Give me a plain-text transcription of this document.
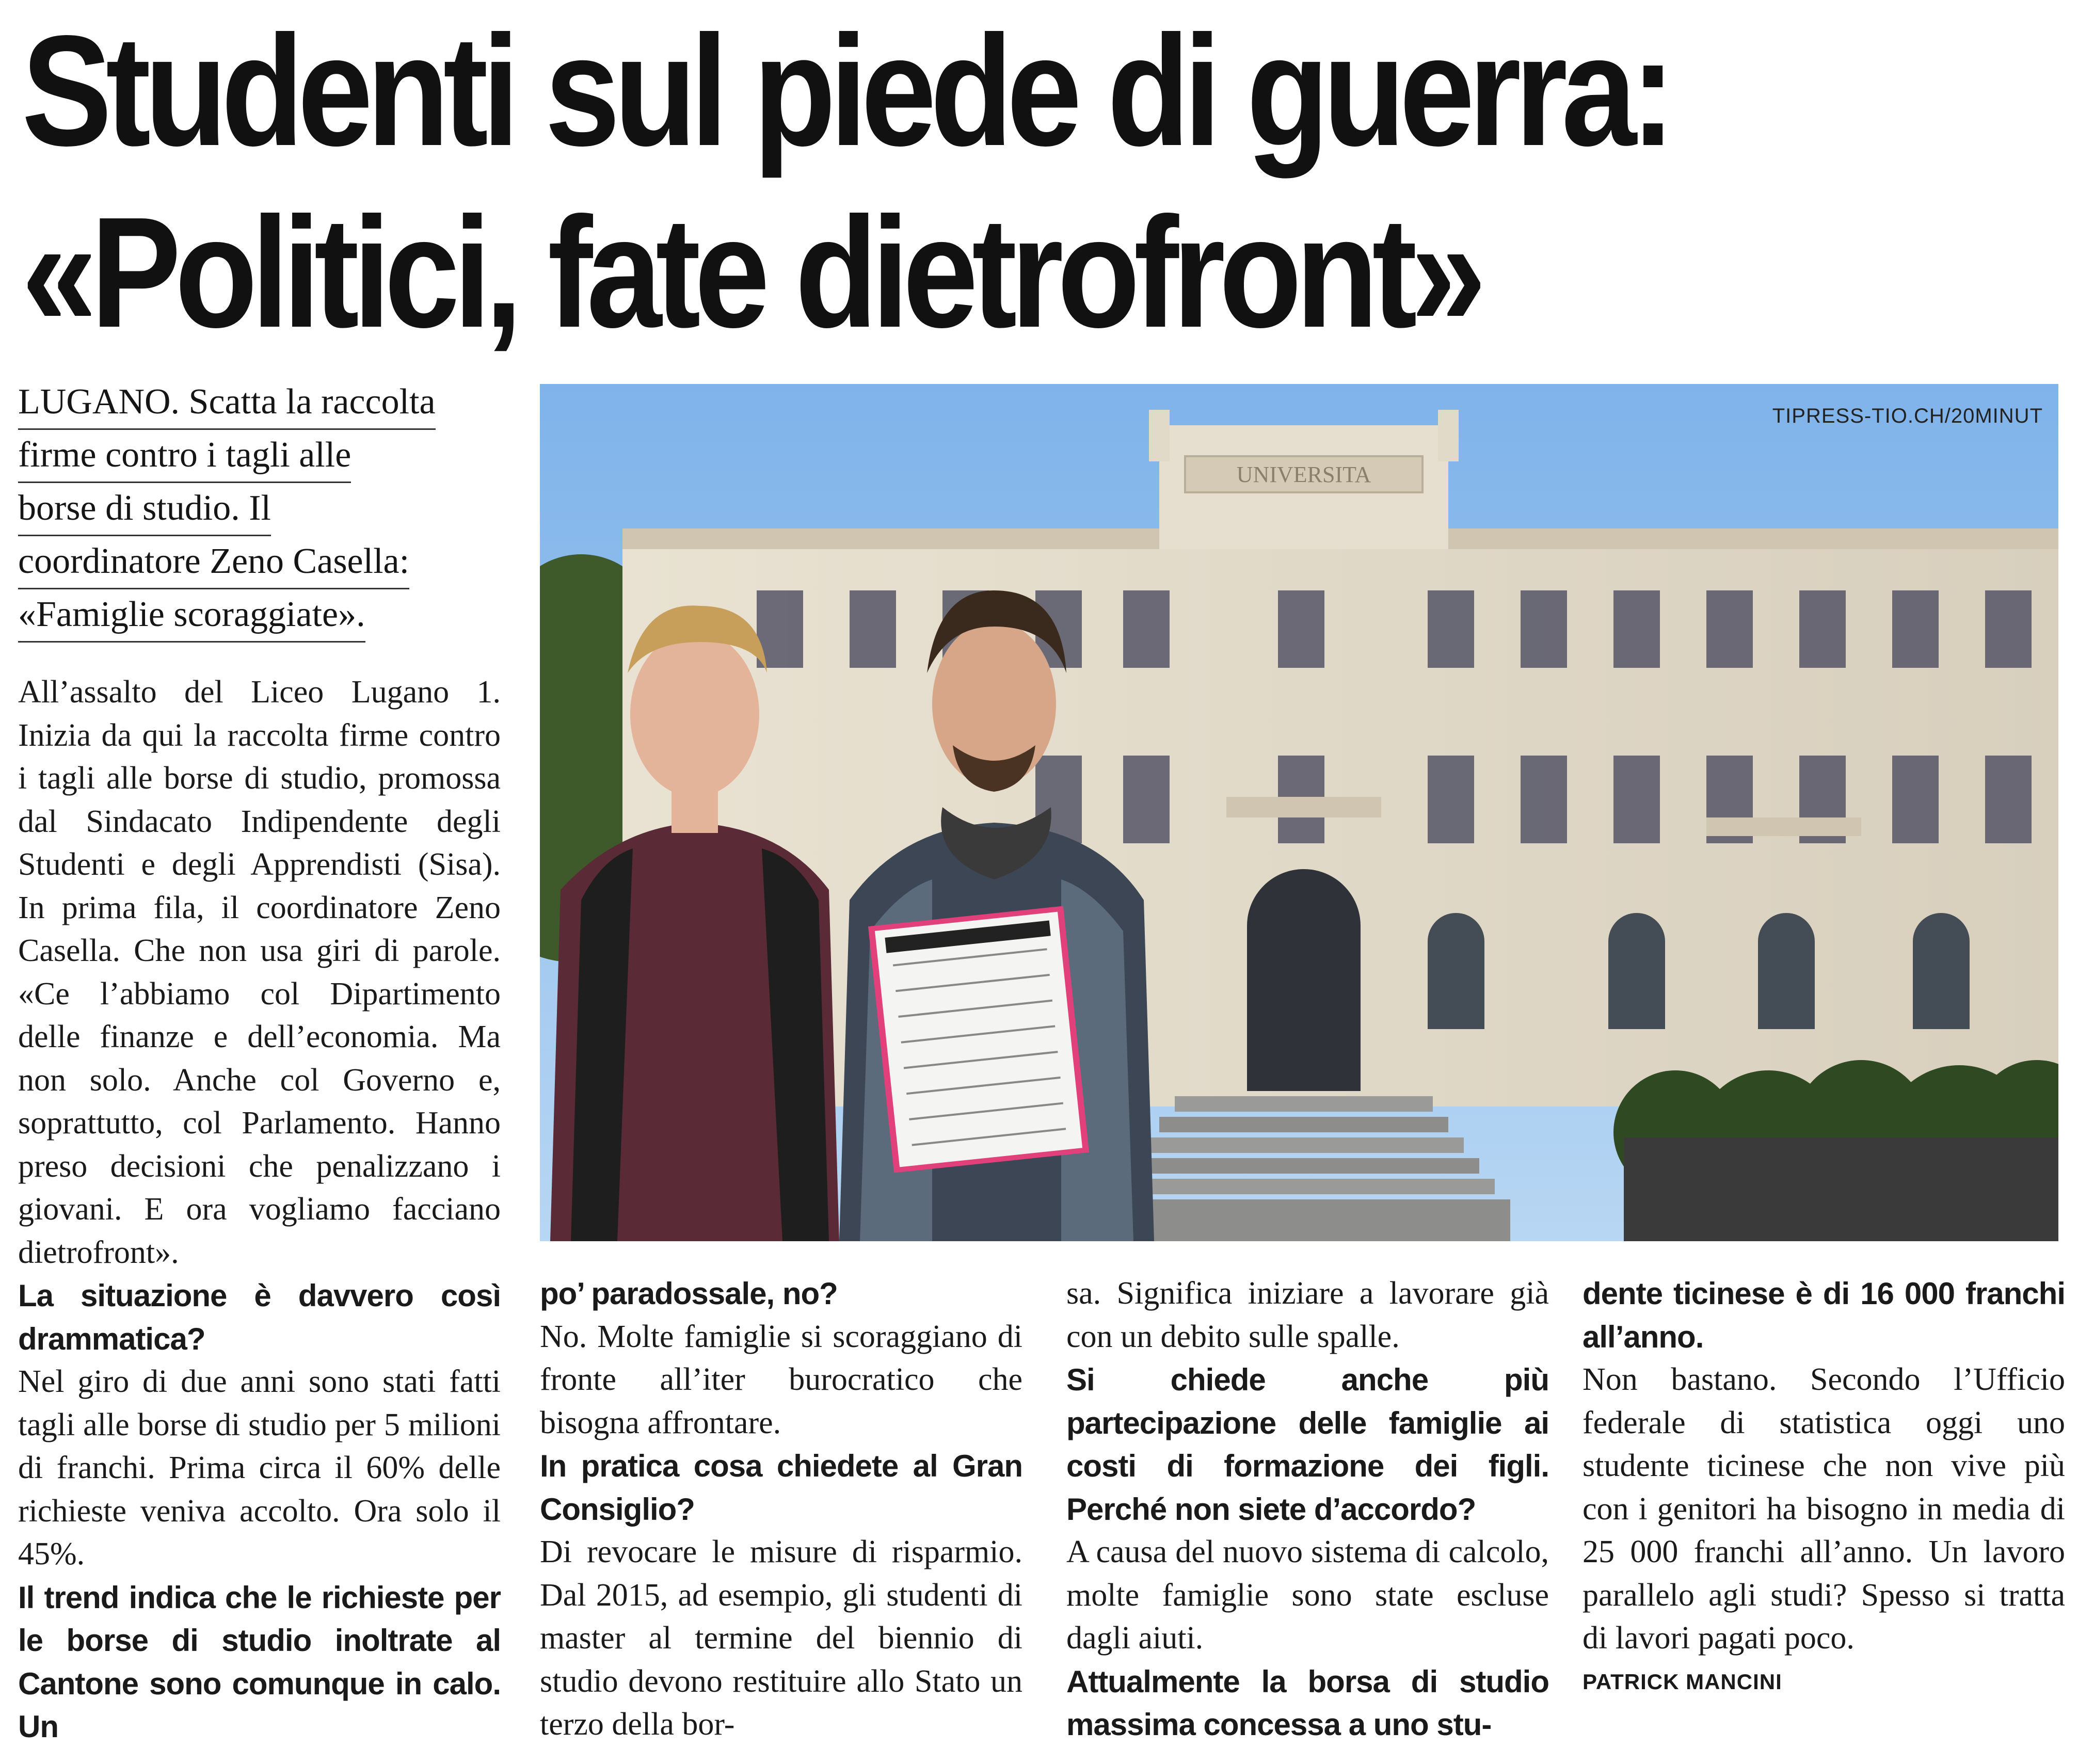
Studenti sul piede di guerra:
«Politici, fate dietrofront»
LUGANO. Scatta la raccolta
firme contro i tagli alle
borse di studio. Il
coordinatore Zeno Casella:
«Famiglie scoraggiate».
UNIVERSITA
TIPRESS-TIO.CH/20MINUT

All’assalto del Liceo Lugano 1. Inizia da qui la raccolta firme contro i tagli alle borse di studio, promossa dal Sindacato Indipendente degli Studenti e degli Apprendisti (Sisa). In prima fila, il coordinatore Zeno Casella. Che non usa giri di parole. «Ce l’abbiamo col Dipartimento delle finanze e dell’economia. Ma non solo. Anche col Governo e, soprattutto, col Parlamento. Hanno preso decisioni che penalizzano i giovani. E ora vogliamo facciano dietrofront».

La situazione è davvero così drammatica?

Nel giro di due anni sono stati fatti tagli alle borse di studio per 5 milioni di franchi. Prima circa il 60% delle richieste veniva accolto. Ora solo il 45%.

Il trend indica che le richieste per le borse di studio inoltrate al Cantone sono comunque in calo. Un

po’ paradossale, no?

No. Molte famiglie si scoraggiano di fronte all’iter burocratico che bisogna affrontare.

In pratica cosa chiedete al Gran Consiglio?

Di revocare le misure di risparmio. Dal 2015, ad esempio, gli studenti di master al termine del biennio di studio devono restituire allo Stato un terzo della bor-

sa. Significa iniziare a lavorare già con un debito sulle spalle.

Si chiede anche più partecipazione delle famiglie ai costi di formazione dei figli. Perché non siete d’accordo?

A causa del nuovo sistema di calcolo, molte famiglie sono state escluse dagli aiuti.

Attualmente la borsa di studio massima concessa a uno stu-

dente ticinese è di 16 000 franchi all’anno.

Non bastano. Secondo l’Ufficio federale di statistica oggi uno studente ticinese che non vive più con i genitori ha bisogno in media di 25 000 franchi all’anno. Un lavoro parallelo agli studi? Spesso si tratta di lavori pagati poco.

PATRICK MANCINI
